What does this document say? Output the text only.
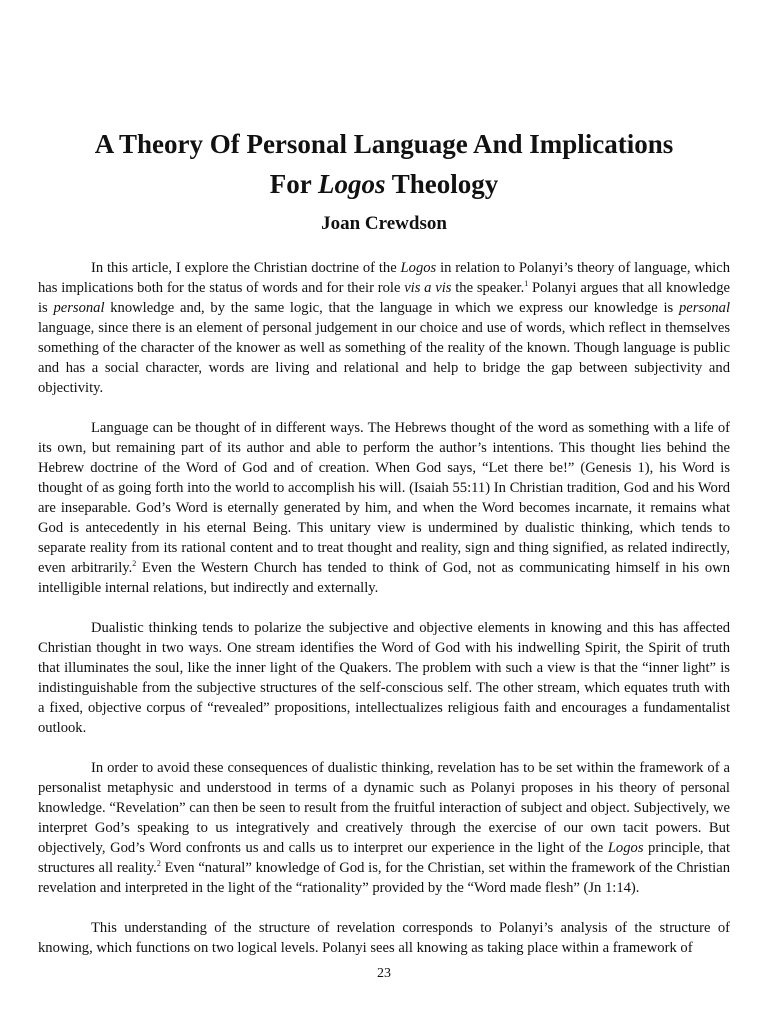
A Theory Of Personal Language And Implications
For Logos Theology
Joan Crewdson

In this article, I explore the Christian doctrine of the Logos in relation to Polanyi’s theory of language, which has implications both for the status of words and for their role vis a vis the speaker.$^1$ Polanyi argues that all knowledge is personal knowledge and, by the same logic, that the language in which we express our knowledge is personal language, since there is an element of personal judgement in our choice and use of words, which reflect in themselves something of the character of the knower as well as something of the reality of the known. Though language is public and has a social character, words are living and relational and help to bridge the gap between subjectivity and objectivity.

Language can be thought of in different ways. The Hebrews thought of the word as something with a life of its own, but remaining part of its author and able to perform the author’s intentions. This thought lies behind the Hebrew doctrine of the Word of God and of creation. When God says, “Let there be!” (Genesis 1), his Word is thought of as going forth into the world to accomplish his will. (Isaiah 55:11) In Christian tradition, God and his Word are inseparable. God’s Word is eternally generated by him, and when the Word becomes incarnate, it remains what God is antecedently in his eternal Being. This unitary view is undermined by dualistic thinking, which tends to separate reality from its rational content and to treat thought and reality, sign and thing signified, as related indirectly, even arbitrarily.$^2$ Even the Western Church has tended to think of God, not as communicating himself in his own intelligible internal relations, but indirectly and externally.

Dualistic thinking tends to polarize the subjective and objective elements in knowing and this has affected Christian thought in two ways. One stream identifies the Word of God with his indwelling Spirit, the Spirit of truth that illuminates the soul, like the inner light of the Quakers. The problem with such a view is that the “inner light” is indistinguishable from the subjective structures of the self-conscious self. The other stream, which equates truth with a fixed, objective corpus of “revealed” propositions, intellectualizes religious faith and encourages a fundamentalist outlook.

In order to avoid these consequences of dualistic thinking, revelation has to be set within the framework of a personalist metaphysic and understood in terms of a dynamic such as Polanyi proposes in his theory of personal knowledge. “Revelation” can then be seen to result from the fruitful interaction of subject and object. Subjectively, we interpret God’s speaking to us integratively and creatively through the exercise of our own tacit powers. But objectively, God’s Word confronts us and calls us to interpret our experience in the light of the Logos principle, that structures all reality.$^2$ Even “natural” knowledge of God is, for the Christian, set within the framework of the Christian revelation and interpreted in the light of the “rationality” provided by the “Word made flesh” (Jn 1:14).

This understanding of the structure of revelation corresponds to Polanyi’s analysis of the structure of knowing, which functions on two logical levels. Polanyi sees all knowing as taking place within a framework of

23
